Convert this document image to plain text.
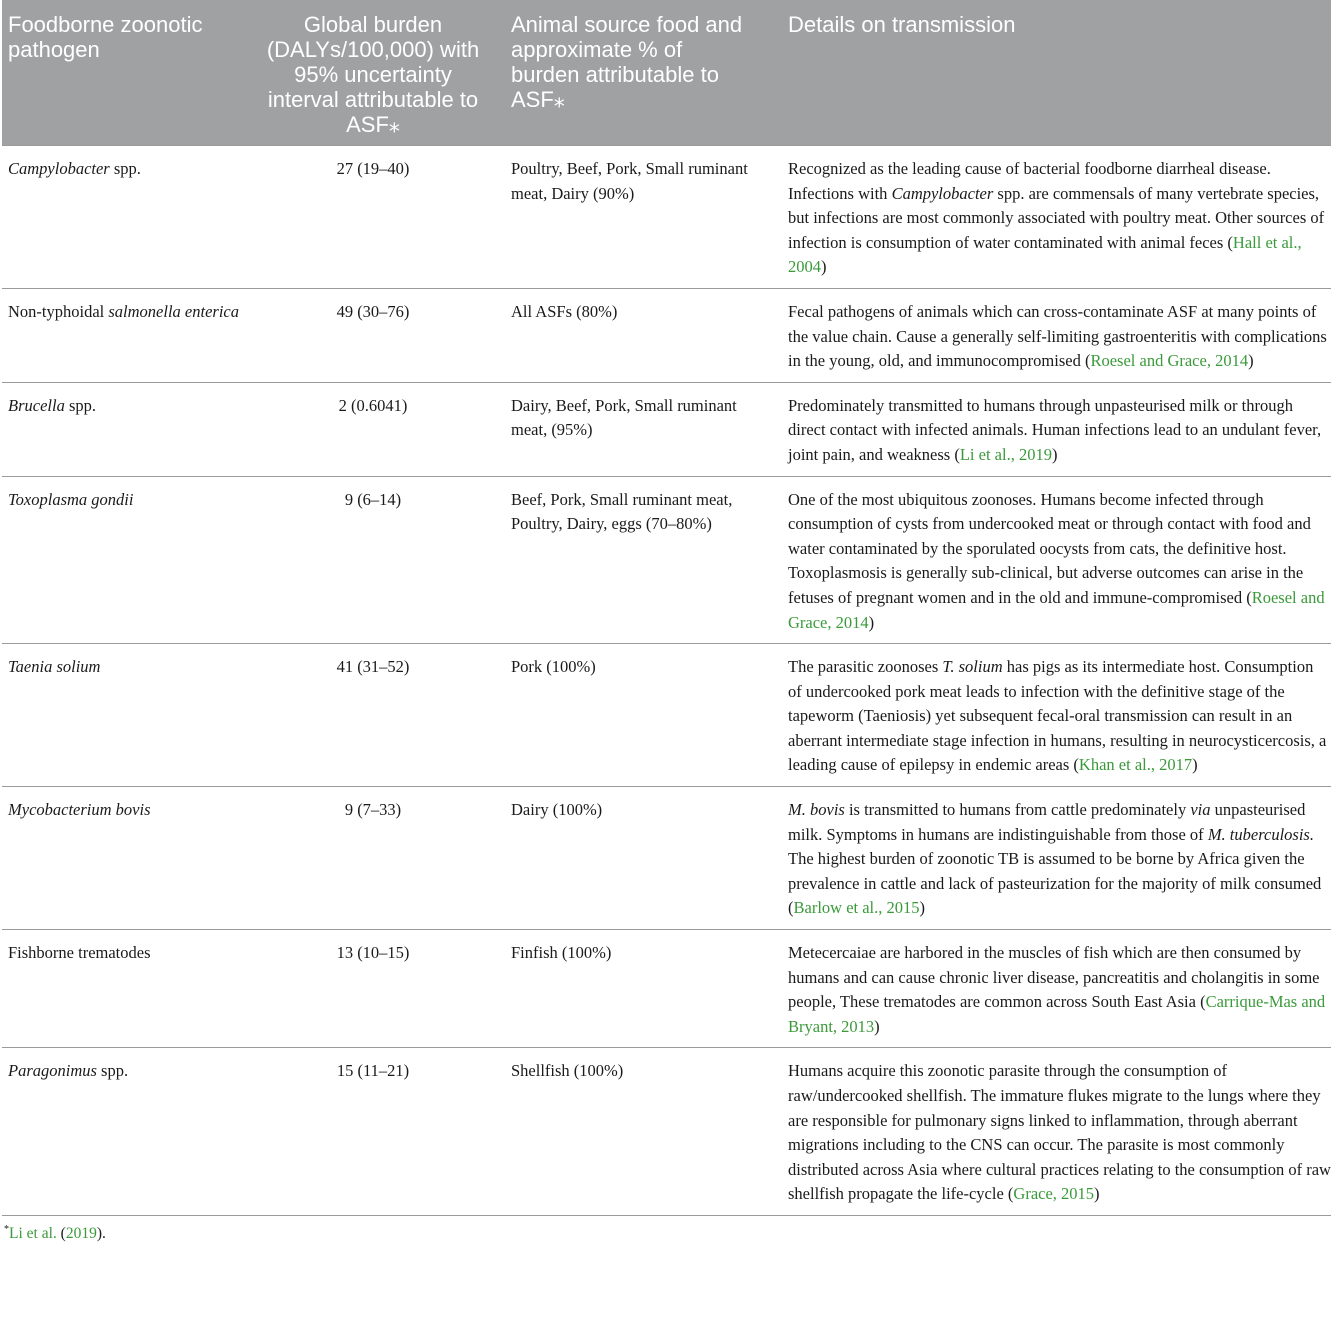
Foodborne zoonotic pathogen	Global burden (DALYs/100,000) with 95% uncertainty interval attributable to ASF⁎	Animal source food and approximate % of burden attributable to ASF⁎	Details on transmission
Campylobacter spp.	27 (19–40)	Poultry, Beef, Pork, Small ruminant meat, Dairy (90%)	Recognized as the leading cause of bacterial foodborne diarrheal disease. Infections with Campylobacter spp. are commensals of many vertebrate species, but infections are most commonly associated with poultry meat. Other sources of infection is consumption of water contaminated with animal feces (Hall et al., 2004)
Non-typhoidal salmonella enterica	49 (30–76)	All ASFs (80%)	Fecal pathogens of animals which can cross-contaminate ASF at many points of the value chain. Cause a generally self-limiting gastroenteritis with complications in the young, old, and immunocompromised (Roesel and Grace, 2014)
Brucella spp.	2 (0.6041)	Dairy, Beef, Pork, Small ruminant meat, (95%)	Predominately transmitted to humans through unpasteurised milk or through direct contact with infected animals. Human infections lead to an undulant fever, joint pain, and weakness (Li et al., 2019)
Toxoplasma gondii	9 (6–14)	Beef, Pork, Small ruminant meat, Poultry, Dairy, eggs (70–80%)	One of the most ubiquitous zoonoses. Humans become infected through consumption of cysts from undercooked meat or through contact with food and water contaminated by the sporulated oocysts from cats, the definitive host. Toxoplasmosis is generally sub-clinical, but adverse outcomes can arise in the fetuses of pregnant women and in the old and immune-compromised (Roesel and Grace, 2014)
Taenia solium	41 (31–52)	Pork (100%)	The parasitic zoonoses T. solium has pigs as its intermediate host. Consumption of undercooked pork meat leads to infection with the definitive stage of the tapeworm (Taeniosis) yet subsequent fecal-oral transmission can result in an aberrant intermediate stage infection in humans, resulting in neurocysticercosis, a leading cause of epilepsy in endemic areas (Khan et al., 2017)
Mycobacterium bovis	9 (7–33)	Dairy (100%)	M. bovis is transmitted to humans from cattle predominately via unpasteurised milk. Symptoms in humans are indistinguishable from those of M. tuberculosis. The highest burden of zoonotic TB is assumed to be borne by Africa given the prevalence in cattle and lack of pasteurization for the majority of milk consumed (Barlow et al., 2015)
Fishborne trematodes	13 (10–15)	Finfish (100%)	Metecercaiae are harbored in the muscles of fish which are then consumed by humans and can cause chronic liver disease, pancreatitis and cholangitis in some people, These trematodes are common across South East Asia (Carrique-Mas and Bryant, 2013)
Paragonimus spp.	15 (11–21)	Shellfish (100%)	Humans acquire this zoonotic parasite through the consumption of raw/undercooked shellfish. The immature flukes migrate to the lungs where they are responsible for pulmonary signs linked to inflammation, through aberrant migrations including to the CNS can occur. The parasite is most commonly distributed across Asia where cultural practices relating to the consumption of raw shellfish propagate the life-cycle (Grace, 2015)
*Li et al. (2019).
